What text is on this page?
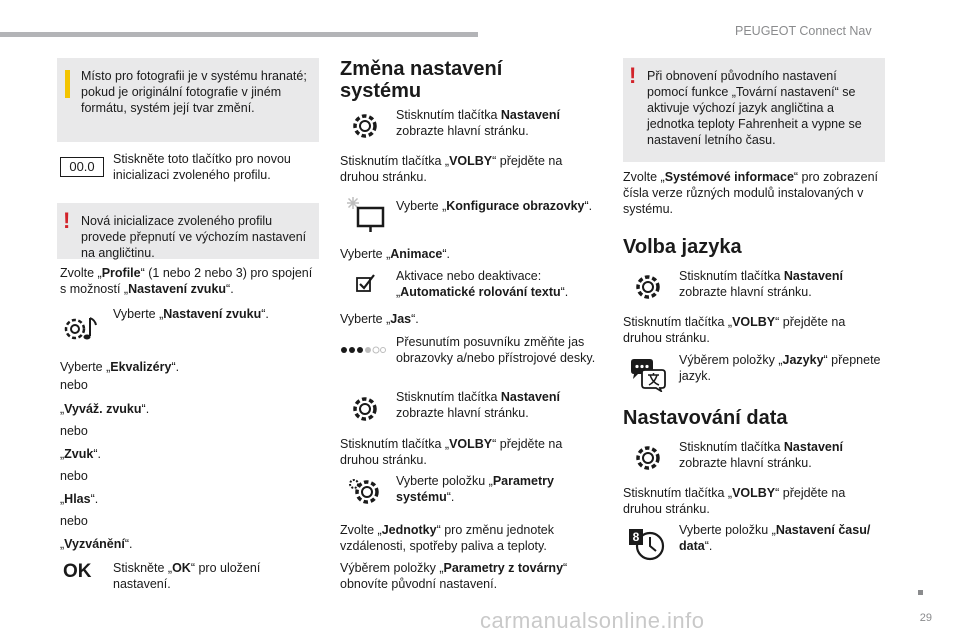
PEUGEOT Connect Nav
Místo pro fotografii je v systému hranaté; pokud je originální fotografie v jiném formátu, systém její tvar změní.
00.0	Stiskněte toto tlačítko pro novou inicializaci zvoleného profilu.
! Nová inicializace zvoleného profilu provede přepnutí ve výchozím nastavení na angličtinu.
Zvolte „Profile“ (1 nebo 2 nebo 3) pro spojení s možností „Nastavení zvuku“.
Vyberte „Nastavení zvuku“.
Vyberte „Ekvalizéry“.
nebo
„Vyváž. zvuku“.
nebo
„Zvuk“.
nebo
„Hlas“.
nebo
„Vyzvánění“.
OK Stiskněte „OK“ pro uložení nastavení.
Změna nastavení systému
Stisknutím tlačítka Nastavení zobrazte hlavní stránku.
Stisknutím tlačítka „VOLBY“ přejděte na druhou stránku.
Vyberte „Konfigurace obrazovky“.
Vyberte „Animace“.
Aktivace nebo deaktivace: „Automatické rolování textu“.
Vyberte „Jas“.
Přesunutím posuvníku změňte jas obrazovky a/nebo přístrojové desky.
Stisknutím tlačítka Nastavení zobrazte hlavní stránku.
Stisknutím tlačítka „VOLBY“ přejděte na druhou stránku.
Vyberte položku „Parametry systému“.
Zvolte „Jednotky“ pro změnu jednotek vzdálenosti, spotřeby paliva a teploty.
Výběrem položky „Parametry z továrny“ obnovíte původní nastavení.
! Při obnovení původního nastavení pomocí funkce „Tovární nastavení“ se aktivuje výchozí jazyk angličtina a jednotka teploty Fahrenheit a vypne se nastavení letního času.
Zvolte „Systémové informace“ pro zobrazení čísla verze různých modulů instalovaných v systému.
Volba jazyka
Stisknutím tlačítka Nastavení zobrazte hlavní stránku.
Stisknutím tlačítka „VOLBY“ přejděte na druhou stránku.
Výběrem položky „Jazyky“ přepnete jazyk.
Nastavování data
Stisknutím tlačítka Nastavení zobrazte hlavní stránku.
Stisknutím tlačítka „VOLBY“ přejděte na druhou stránku.
8	Vyberte položku „Nastavení času/ data“.
carmanualsonline.info	29
